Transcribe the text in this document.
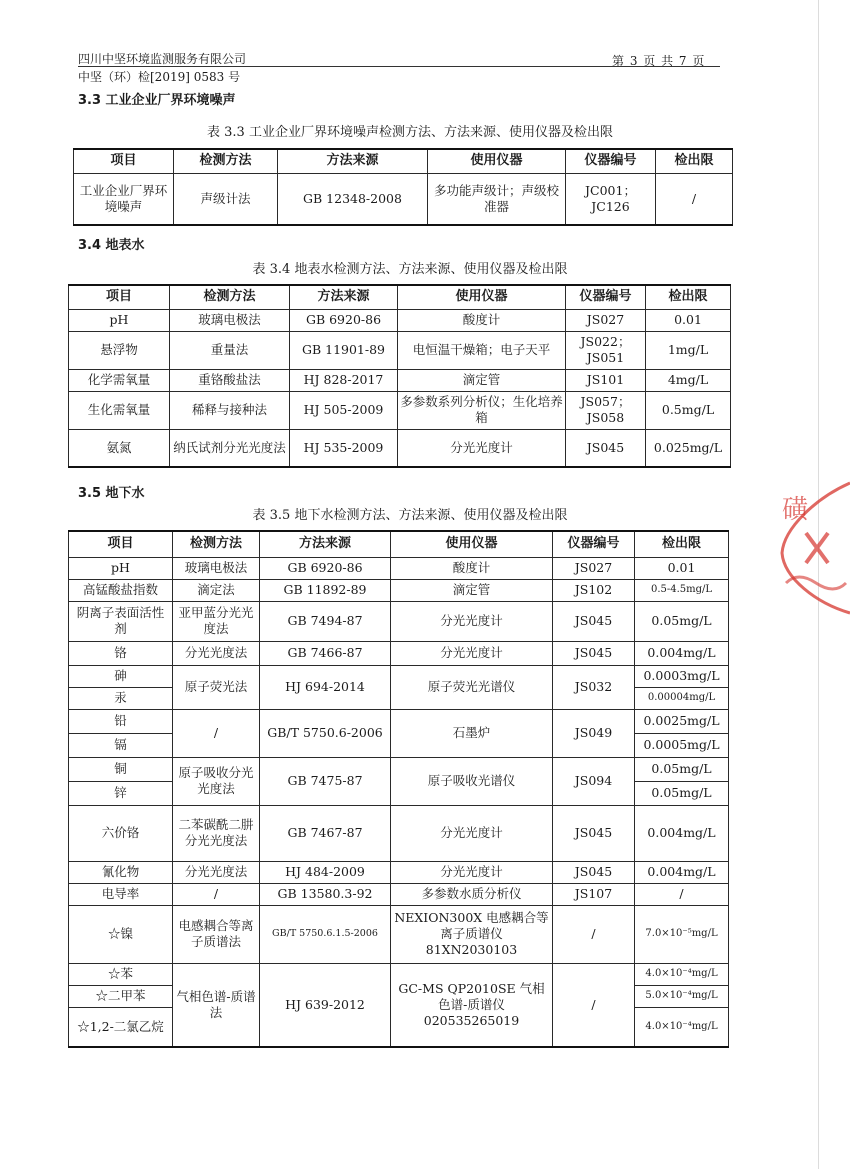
四川中坚环境监测服务有限公司	第 3 页 共 7 页
中坚（环）检[2019] 0583 号
3.3 工业企业厂界环境噪声
表 3.3 工业企业厂界环境噪声检测方法、方法来源、使用仪器及检出限
项目	检测方法	方法来源	使用仪器	仪器编号	检出限
工业企业厂界环境噪声	声级计法	GB 12348-2008	多功能声级计；声级校准器	JC001；JC126	/
3.4 地表水
表 3.4 地表水检测方法、方法来源、使用仪器及检出限
项目	检测方法	方法来源	使用仪器	仪器编号	检出限
pH	玻璃电极法	GB 6920-86	酸度计	JS027	0.01
悬浮物	重量法	GB 11901-89	电恒温干燥箱；电子天平	JS022；JS051	1mg/L
化学需氧量	重铬酸盐法	HJ 828-2017	滴定管	JS101	4mg/L
生化需氧量	稀释与接种法	HJ 505-2009	多参数系列分析仪；生化培养箱	JS057；JS058	0.5mg/L
氨氮	纳氏试剂分光光度法	HJ 535-2009	分光光度计	JS045	0.025mg/L
3.5 地下水
表 3.5 地下水检测方法、方法来源、使用仪器及检出限
项目	检测方法	方法来源	使用仪器	仪器编号	检出限
pH	玻璃电极法	GB 6920-86	酸度计	JS027	0.01
高锰酸盐指数	滴定法	GB 11892-89	滴定管	JS102	0.5-4.5mg/L
阴离子表面活性剂	亚甲蓝分光光度法	GB 7494-87	分光光度计	JS045	0.05mg/L
铬	分光光度法	GB 7466-87	分光光度计	JS045	0.004mg/L
砷	原子荧光法	HJ 694-2014	原子荧光光谱仪	JS032	0.0003mg/L
汞					0.00004mg/L
铅	/	GB/T 5750.6-2006	石墨炉	JS049	0.0025mg/L
镉					0.0005mg/L
铜	原子吸收分光光度法	GB 7475-87	原子吸收光谱仪	JS094	0.05mg/L
锌					0.05mg/L
六价铬	二苯碳酰二肼分光光度法	GB 7467-87	分光光度计	JS045	0.004mg/L
氰化物	分光光度法	HJ 484-2009	分光光度计	JS045	0.004mg/L
电导率	/	GB 13580.3-92	多参数水质分析仪	JS107	/
☆镍	电感耦合等离子质谱法	GB/T 5750.6.1.5-2006	NEXION300X 电感耦合等离子质谱仪 81XN2030103	/	7.0×10⁻⁵mg/L
☆苯	气相色谱-质谱法	HJ 639-2012	GC-MS QP2010SE 气相色谱-质谱仪 020535265019	/	4.0×10⁻⁴mg/L
☆二甲苯					5.0×10⁻⁴mg/L
☆1,2-二氯乙烷					4.0×10⁻⁴mg/L
磺
